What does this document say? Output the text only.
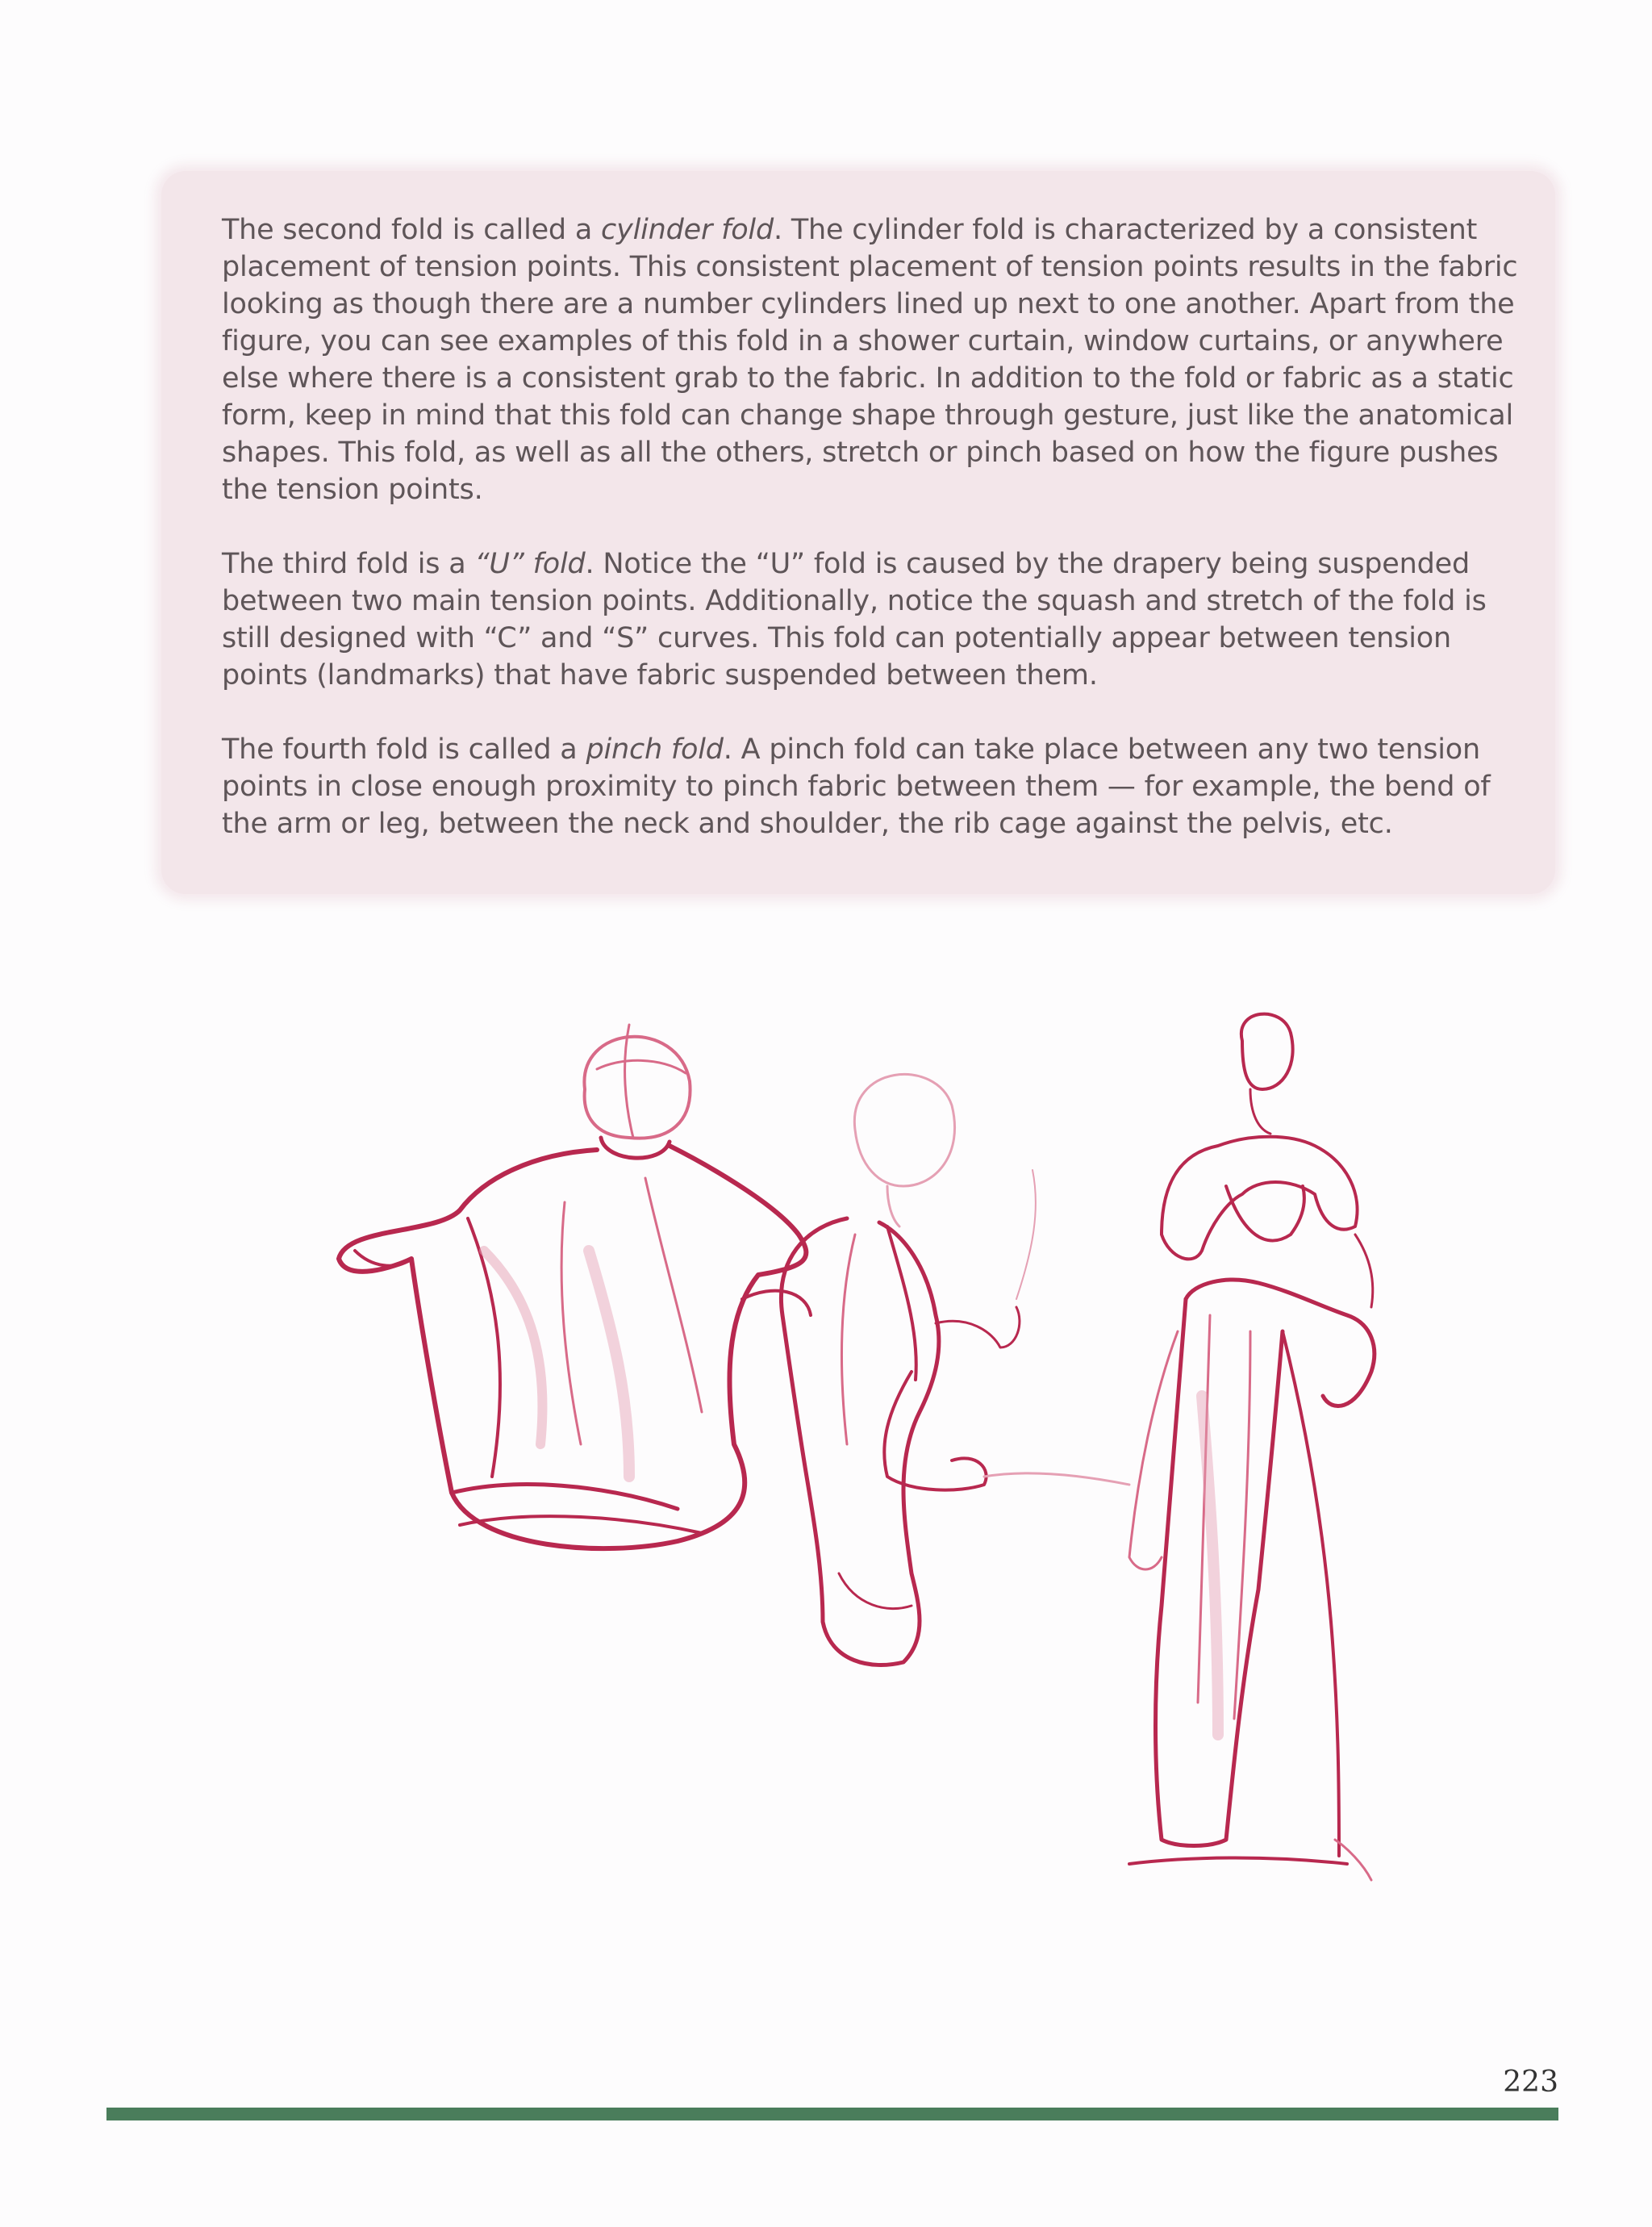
The second fold is called a cylinder fold. The cylinder fold is characterized by a consistent placement of tension points. This consistent placement of tension points results in the fabric looking as though there are a number cylinders lined up next to one another. Apart from the figure, you can see examples of this fold in a shower curtain, window curtains, or anywhere else where there is a consistent grab to the fabric. In addition to the fold or fabric as a static form, keep in mind that this fold can change shape through gesture, just like the anatomical shapes. This fold, as well as all the others, stretch or pinch based on how the figure pushes the tension points.

The third fold is a “U” fold. Notice the “U” fold is caused by the drapery being suspended between two main tension points. Additionally, notice the squash and stretch of the fold is still designed with “C” and “S” curves. This fold can potentially appear between tension points (landmarks) that have fabric suspended between them.

The fourth fold is called a pinch fold. A pinch fold can take place between any two tension points in close enough proximity to pinch fabric between them — for example, the bend of the arm or leg, between the neck and shoulder, the rib cage against the pelvis, etc.

223
